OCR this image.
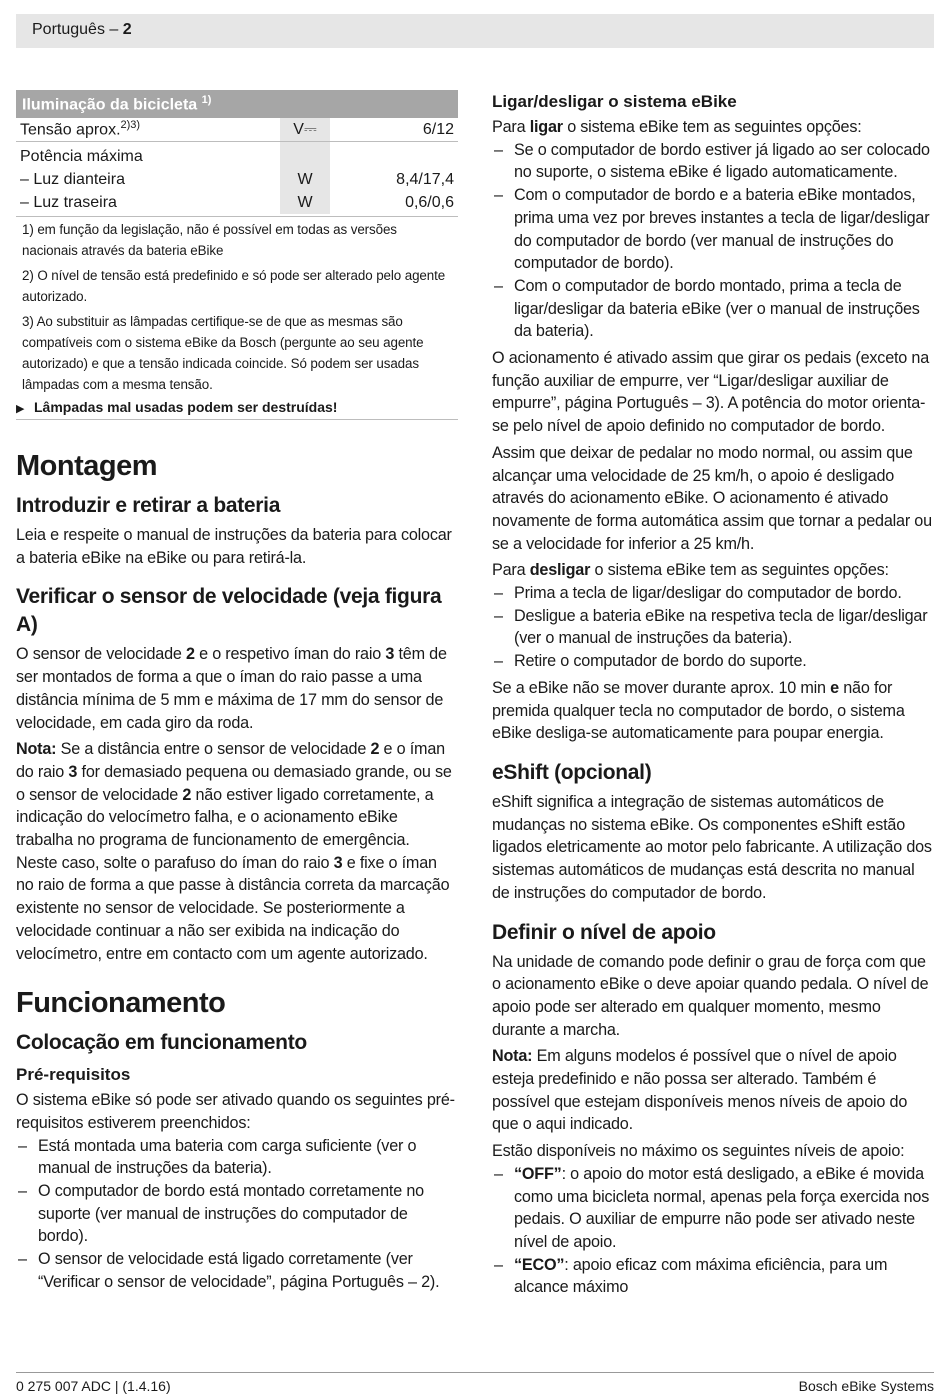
Português – 2
Iluminação da bicicleta $^{1)}$
Tensão aprox.$^{2)3)}$	V⎓	6/12
Potência máxima		
– Luz dianteira	W	8,4/17,4
– Luz traseira	W	0,6/0,6

1) em função da legislação, não é possível em todas as versões nacionais através da bateria eBike

2) O nível de tensão está predefinido e só pode ser alterado pelo agente autorizado.

3) Ao substituir as lâmpadas certifique-se de que as mesmas são compatíveis com o sistema eBike da Bosch (pergunte ao seu agente autorizado) e que a tensão indicada coincide. Só podem ser usadas lâmpadas com a mesma tensão.

▶ Lâmpadas mal usadas podem ser destruídas!
Montagem
Introduzir e retirar a bateria

Leia e respeite o manual de instruções da bateria para colocar a bateria eBike na eBike ou para retirá-la.

Verificar o sensor de velocidade (veja figura A)

O sensor de velocidade 2 e o respetivo íman do raio 3 têm de ser montados de forma a que o íman do raio passe a uma distância mínima de 5 mm e máxima de 17 mm do sensor de velocidade, em cada giro da roda.

Nota: Se a distância entre o sensor de velocidade 2 e o íman do raio 3 for demasiado pequena ou demasiado grande, ou se o sensor de velocidade 2 não estiver ligado corretamente, a indicação do velocímetro falha, e o acionamento eBike trabalha no programa de funcionamento de emergência.

Neste caso, solte o parafuso do íman do raio 3 e fixe o íman no raio de forma a que passe à distância correta da marcação existente no sensor de velocidade. Se posteriormente a velocidade continuar a não ser exibida na indicação do velocímetro, entre em contacto com um agente autorizado.

Funcionamento
Colocação em funcionamento
Pré-requisitos

O sistema eBike só pode ser ativado quando os seguintes pré-requisitos estiverem preenchidos:

– Está montada uma bateria com carga suficiente (ver o manual de instruções da bateria).
– O computador de bordo está montado corretamente no suporte (ver manual de instruções do computador de bordo).
– O sensor de velocidade está ligado corretamente (ver “Verificar o sensor de velocidade”, página Português – 2).
Ligar/desligar o sistema eBike

Para ligar o sistema eBike tem as seguintes opções:

– Se o computador de bordo estiver já ligado ao ser colocado no suporte, o sistema eBike é ligado automaticamente.
– Com o computador de bordo e a bateria eBike montados, prima uma vez por breves instantes a tecla de ligar/desligar do computador de bordo (ver manual de instruções do computador de bordo).
– Com o computador de bordo montado, prima a tecla de ligar/desligar da bateria eBike (ver o manual de instruções da bateria).

O acionamento é ativado assim que girar os pedais (exceto na função auxiliar de empurre, ver “Ligar/desligar auxiliar de empurre”, página Português – 3). A potência do motor orienta-se pelo nível de apoio definido no computador de bordo.

Assim que deixar de pedalar no modo normal, ou assim que alcançar uma velocidade de 25 km/h, o apoio é desligado através do acionamento eBike. O acionamento é ativado novamente de forma automática assim que tornar a pedalar ou se a velocidade for inferior a 25 km/h.

Para desligar o sistema eBike tem as seguintes opções:

– Prima a tecla de ligar/desligar do computador de bordo.
– Desligue a bateria eBike na respetiva tecla de ligar/desligar (ver o manual de instruções da bateria).
– Retire o computador de bordo do suporte.

Se a eBike não se mover durante aprox. 10 min e não for premida qualquer tecla no computador de bordo, o sistema eBike desliga-se automaticamente para poupar energia.

eShift (opcional)

eShift significa a integração de sistemas automáticos de mudanças no sistema eBike. Os componentes eShift estão ligados eletricamente ao motor pelo fabricante. A utilização dos sistemas automáticos de mudanças está descrita no manual de instruções do computador de bordo.

Definir o nível de apoio

Na unidade de comando pode definir o grau de força com que o acionamento eBike o deve apoiar quando pedala. O nível de apoio pode ser alterado em qualquer momento, mesmo durante a marcha.

Nota: Em alguns modelos é possível que o nível de apoio esteja predefinido e não possa ser alterado. Também é possível que estejam disponíveis menos níveis de apoio do que o aqui indicado.

Estão disponíveis no máximo os seguintes níveis de apoio:

– “OFF”: o apoio do motor está desligado, a eBike é movida como uma bicicleta normal, apenas pela força exercida nos pedais. O auxiliar de empurre não pode ser ativado neste nível de apoio.
– “ECO”: apoio eficaz com máxima eficiência, para um alcance máximo
0 275 007 ADC | (1.4.16)	Bosch eBike Systems
